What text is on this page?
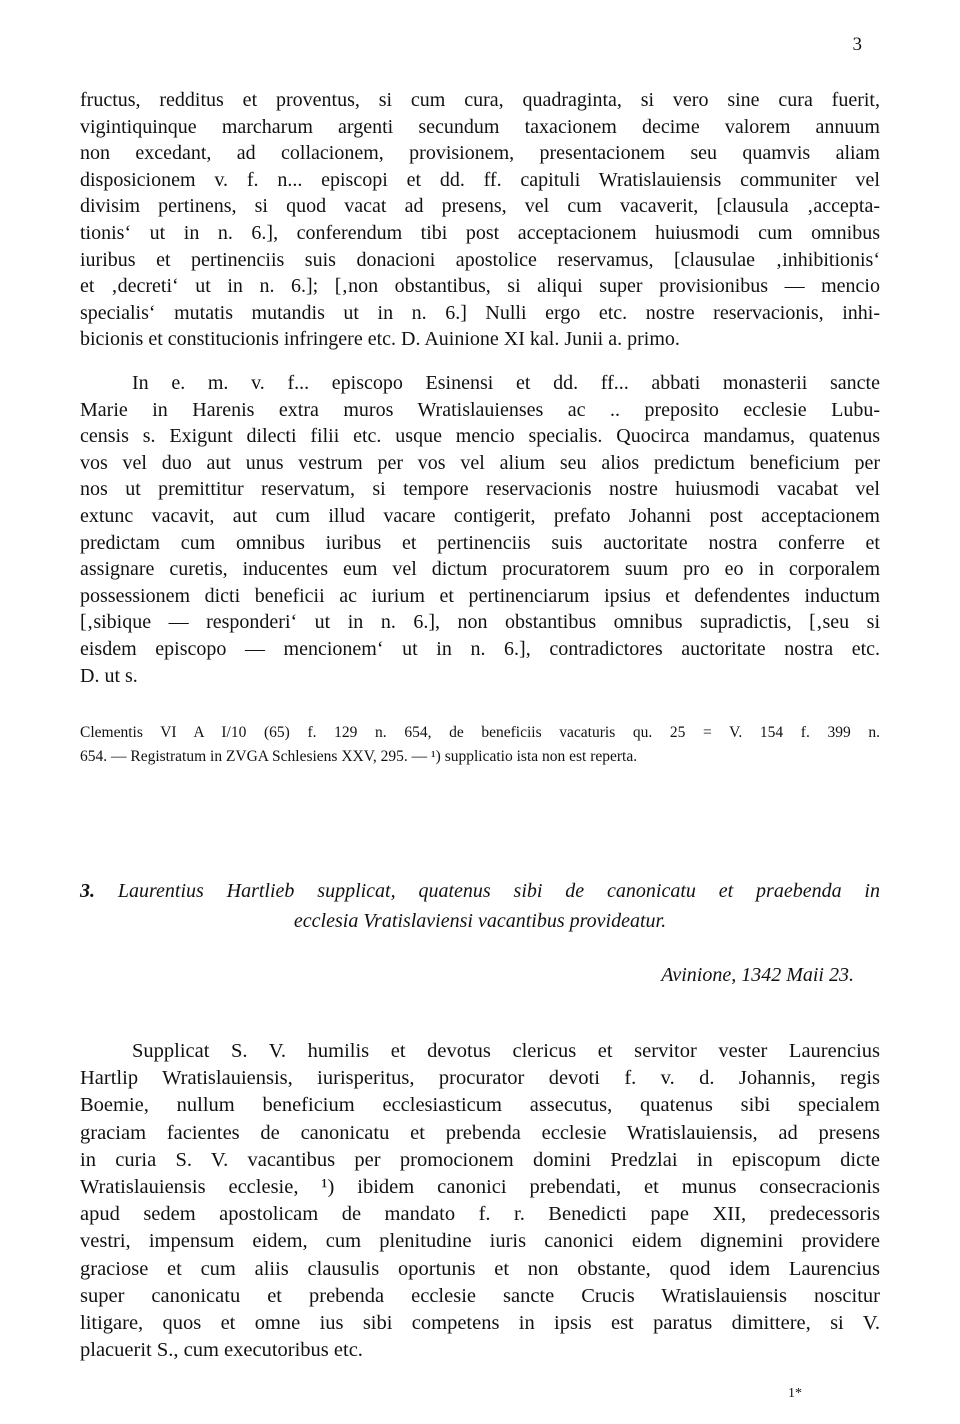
3
fructus, redditus et proventus, si cum cura, quadraginta, si vero sine cura fuerit,
vigintiquinque marcharum argenti secundum taxacionem decime valorem annuum
non excedant, ad collacionem, provisionem, presentacionem seu quamvis aliam
disposicionem v. f. n... episcopi et dd. ff. capituli Wratislauiensis communiter vel
divisim pertinens, si quod vacat ad presens, vel cum vacaverit, [clausula ‚accepta-
tionis‘ ut in n. 6.], conferendum tibi post acceptacionem huiusmodi cum omnibus
iuribus et pertinenciis suis donacioni apostolice reservamus, [clausulae ‚inhibitionis‘
et ‚decreti‘ ut in n. 6.]; [‚non obstantibus, si aliqui super provisionibus — mencio
specialis‘ mutatis mutandis ut in n. 6.] Nulli ergo etc. nostre reservacionis, inhi-
bicionis et constitucionis infringere etc. D. Auinione XI kal. Junii a. primo.
In e. m. v. f... episcopo Esinensi et dd. ff... abbati monasterii sancte
Marie in Harenis extra muros Wratislauienses ac .. preposito ecclesie Lubu-
censis s. Exigunt dilecti filii etc. usque mencio specialis. Quocirca mandamus, quatenus
vos vel duo aut unus vestrum per vos vel alium seu alios predictum beneficium per
nos ut premittitur reservatum, si tempore reservacionis nostre huiusmodi vacabat vel
extunc vacavit, aut cum illud vacare contigerit, prefato Johanni post acceptacionem
predictam cum omnibus iuribus et pertinenciis suis auctoritate nostra conferre et
assignare curetis, inducentes eum vel dictum procuratorem suum pro eo in corporalem
possessionem dicti beneficii ac iurium et pertinenciarum ipsius et defendentes inductum
[‚sibique — responderi‘ ut in n. 6.], non obstantibus omnibus supradictis, [‚seu si
eisdem episcopo — mencionem‘ ut in n. 6.], contradictores auctoritate nostra etc.
D. ut s.
Clementis VI A I/10 (65) f. 129 n. 654, de beneficiis vacaturis qu. 25 = V. 154 f. 399 n.
654. — Registratum in ZVGA Schlesiens XXV, 295. — ¹) supplicatio ista non est reperta.
3. Laurentius Hartlieb supplicat, quatenus sibi de canonicatu et praebenda in
ecclesia Vratislaviensi vacantibus provideatur.
Avinione, 1342 Maii 23.
Supplicat S. V. humilis et devotus clericus et servitor vester Laurencius
Hartlip Wratislauiensis, iurisperitus, procurator devoti f. v. d. Johannis, regis
Boemie, nullum beneficium ecclesiasticum assecutus, quatenus sibi specialem
graciam facientes de canonicatu et prebenda ecclesie Wratislauiensis, ad presens
in curia S. V. vacantibus per promocionem domini Predzlai in episcopum dicte
Wratislauiensis ecclesie, ¹) ibidem canonici prebendati, et munus consecracionis
apud sedem apostolicam de mandato f. r. Benedicti pape XII, predecessoris
vestri, impensum eidem, cum plenitudine iuris canonici eidem dignemini providere
graciose et cum aliis clausulis oportunis et non obstante, quod idem Laurencius
super canonicatu et prebenda ecclesie sancte Crucis Wratislauiensis noscitur
litigare, quos et omne ius sibi competens in ipsis est paratus dimittere, si V.
placuerit S., cum executoribus etc.
1*
